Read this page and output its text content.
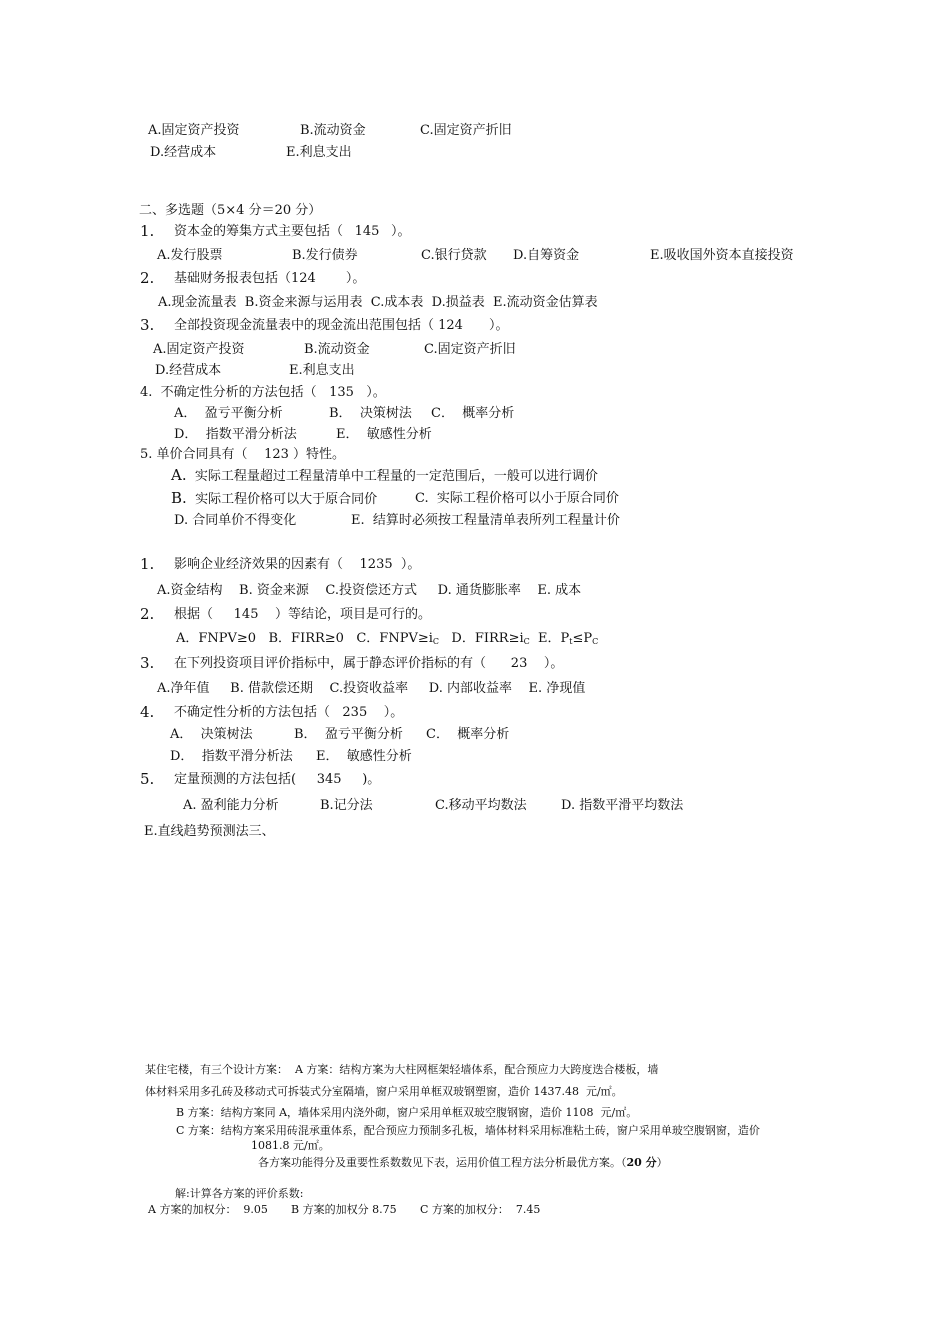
A.固定资产投资	B.流动资金	C.固定资产折旧
D.经营成本	E.利息支出
二、多选题（5×4 分＝20 分）
1. 资本金的筹集方式主要包括（ 145 ）。
A.发行股票	B.发行债券	C.银行贷款 D.自筹资金	E.吸收国外资本直接投资
2. 基础财务报表包括（124 ）。
A.现金流量表  B.资金来源与运用表  C.成本表  D.损益表  E.流动资金估算表
3. 全部投资现金流量表中的现金流出范围包括（ 124 ）。
A.固定资产投资	B.流动资金	C.固定资产折旧
D.经营成本	E.利息支出
4.  不确定性分析的方法包括（   135   ）。
A．  盈亏平衡分析	B．  决策树法 C．  概率分析
D．  指数平滑分析法	E．  敏感性分析
5. 单价合同具有（    123 ）特性。
A. 实际工程量超过工程量清单中工程量的一定范围后，一般可以进行调价
B. 实际工程价格可以大于原合同价	C.  实际工程价格可以小于原合同价
D. 合同单价不得变化	E.  结算时必须按工程量清单表所列工程量计价
1. 影响企业经济效果的因素有（    1235  ）。
A.资金结构    B. 资金来源    C.投资偿还方式     D. 通货膨胀率    E. 成本
2. 根据（     145    ）等结论，项目是可行的。
A．FNPV≥0 B．FIRR≥0 C．$FNPV\ge i_C$ D．$FIRR\ge i_C$ E．$P_t\le P_C$
3. 在下列投资项目评价指标中，属于静态评价指标的有（      23    ）。
A.净年值     B. 借款偿还期    C.投资收益率     D. 内部收益率    E. 净现值
4. 不确定性分析的方法包括（   235    ）。
A．  决策树法	B．  盈亏平衡分析 C．  概率分析
D．  指数平滑分析法 E．  敏感性分析
5. 定量预测的方法包括(     345     )。
A. 盈利能力分析	B.记分法	C.移动平均数法	D. 指数平滑平均数法
E.直线趋势预测法三、
某住宅楼，有三个设计方案：  A 方案：结构方案为大柱网框架轻墙体系，配合预应力大跨度迭合楼板，墙
体材料采用多孔砖及移动式可拆装式分室隔墙，窗户采用单框双玻钢塑窗，造价 1437.48  元/㎡。
B 方案：结构方案同 A，墙体采用内浇外砌，窗户采用单框双玻空腹钢窗，造价 1108  元/㎡。
C 方案：结构方案采用砖混承重体系，配合预应力预制多孔板，墙体材料采用标准粘土砖，窗户采用单玻空腹钢窗，造价
1081.8 元/㎡。
各方案功能得分及重要性系数数见下表，运用价值工程方法分析最优方案。（20 分）
解:计算各方案的评价系数:
A 方案的加权分：  9.05 B 方案的加权分 8.75 C 方案的加权分：  7.45
